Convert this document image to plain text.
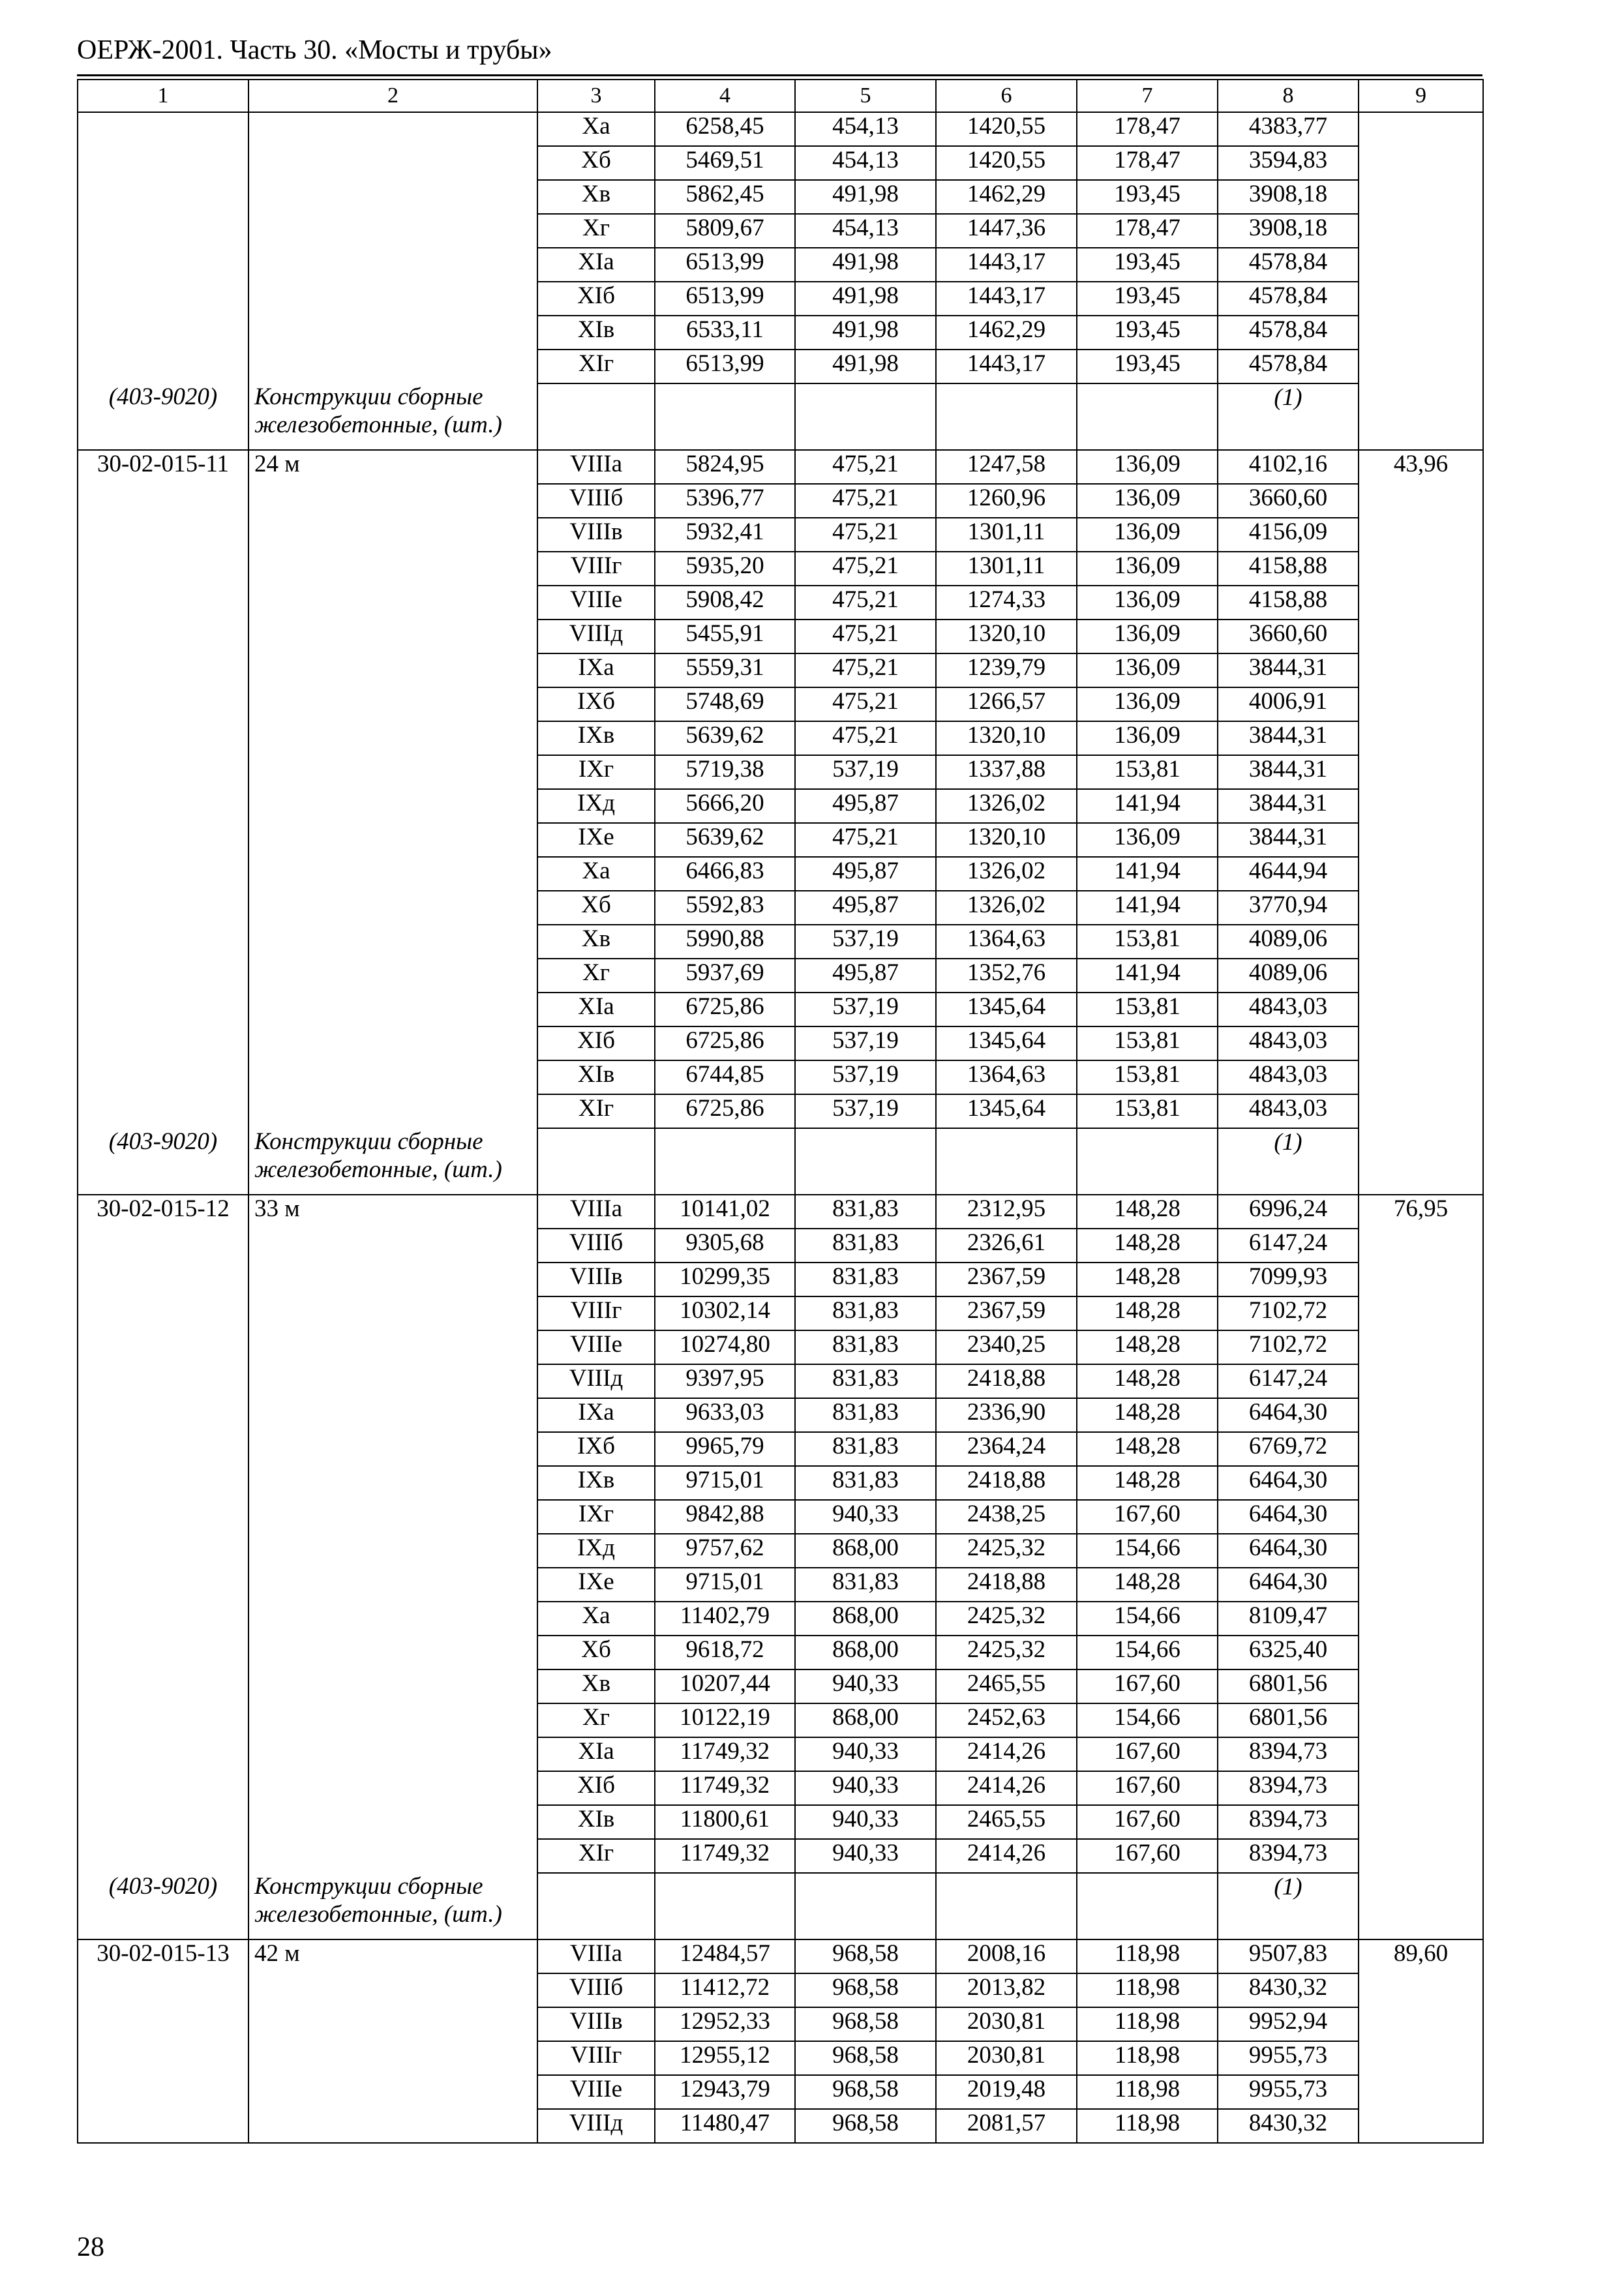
ОЕРЖ-2001. Часть 30. «Мосты и трубы»
1	2	3	4	5	6	7	8	9
		Ха	6258,45	454,13	1420,55	178,47	4383,77	
		Хб	5469,51	454,13	1420,55	178,47	3594,83	
		Хв	5862,45	491,98	1462,29	193,45	3908,18	
		Хг	5809,67	454,13	1447,36	178,47	3908,18	
		ХIа	6513,99	491,98	1443,17	193,45	4578,84	
		ХIб	6513,99	491,98	1443,17	193,45	4578,84	
		ХIв	6533,11	491,98	1462,29	193,45	4578,84	
		ХIг	6513,99	491,98	1443,17	193,45	4578,84	
(403-9020)	Конструкции сборные железобетонные, (шт.)						(1)	
30-02-015-11	24 м	VIIIа	5824,95	475,21	1247,58	136,09	4102,16	43,96
		VIIIб	5396,77	475,21	1260,96	136,09	3660,60	
		VIIIв	5932,41	475,21	1301,11	136,09	4156,09	
		VIIIг	5935,20	475,21	1301,11	136,09	4158,88	
		VIIIе	5908,42	475,21	1274,33	136,09	4158,88	
		VIIIд	5455,91	475,21	1320,10	136,09	3660,60	
		IХа	5559,31	475,21	1239,79	136,09	3844,31	
		IХб	5748,69	475,21	1266,57	136,09	4006,91	
		IХв	5639,62	475,21	1320,10	136,09	3844,31	
		IХг	5719,38	537,19	1337,88	153,81	3844,31	
		IХд	5666,20	495,87	1326,02	141,94	3844,31	
		IХе	5639,62	475,21	1320,10	136,09	3844,31	
		Ха	6466,83	495,87	1326,02	141,94	4644,94	
		Хб	5592,83	495,87	1326,02	141,94	3770,94	
		Хв	5990,88	537,19	1364,63	153,81	4089,06	
		Хг	5937,69	495,87	1352,76	141,94	4089,06	
		ХIа	6725,86	537,19	1345,64	153,81	4843,03	
		ХIб	6725,86	537,19	1345,64	153,81	4843,03	
		ХIв	6744,85	537,19	1364,63	153,81	4843,03	
		ХIг	6725,86	537,19	1345,64	153,81	4843,03	
(403-9020)	Конструкции сборные железобетонные, (шт.)						(1)	
30-02-015-12	33 м	VIIIа	10141,02	831,83	2312,95	148,28	6996,24	76,95
		VIIIб	9305,68	831,83	2326,61	148,28	6147,24	
		VIIIв	10299,35	831,83	2367,59	148,28	7099,93	
		VIIIг	10302,14	831,83	2367,59	148,28	7102,72	
		VIIIе	10274,80	831,83	2340,25	148,28	7102,72	
		VIIIд	9397,95	831,83	2418,88	148,28	6147,24	
		IХа	9633,03	831,83	2336,90	148,28	6464,30	
		IХб	9965,79	831,83	2364,24	148,28	6769,72	
		IХв	9715,01	831,83	2418,88	148,28	6464,30	
		IХг	9842,88	940,33	2438,25	167,60	6464,30	
		IХд	9757,62	868,00	2425,32	154,66	6464,30	
		IХе	9715,01	831,83	2418,88	148,28	6464,30	
		Ха	11402,79	868,00	2425,32	154,66	8109,47	
		Хб	9618,72	868,00	2425,32	154,66	6325,40	
		Хв	10207,44	940,33	2465,55	167,60	6801,56	
		Хг	10122,19	868,00	2452,63	154,66	6801,56	
		ХIа	11749,32	940,33	2414,26	167,60	8394,73	
		ХIб	11749,32	940,33	2414,26	167,60	8394,73	
		ХIв	11800,61	940,33	2465,55	167,60	8394,73	
		ХIг	11749,32	940,33	2414,26	167,60	8394,73	
(403-9020)	Конструкции сборные железобетонные, (шт.)						(1)	
30-02-015-13	42 м	VIIIа	12484,57	968,58	2008,16	118,98	9507,83	89,60
		VIIIб	11412,72	968,58	2013,82	118,98	8430,32	
		VIIIв	12952,33	968,58	2030,81	118,98	9952,94	
		VIIIг	12955,12	968,58	2030,81	118,98	9955,73	
		VIIIе	12943,79	968,58	2019,48	118,98	9955,73	
		VIIIд	11480,47	968,58	2081,57	118,98	8430,32	
28
